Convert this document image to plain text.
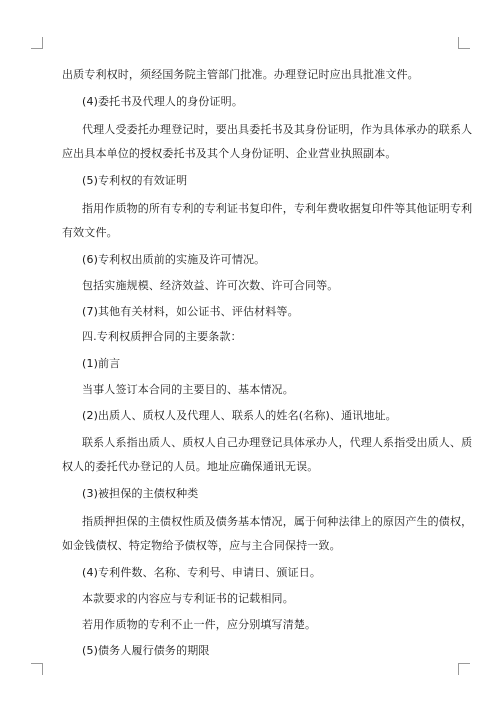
出质专利权时，须经国务院主管部门批准。办理登记时应出具批准文件。
(4)委托书及代理人的身份证明。
代理人受委托办理登记时，要出具委托书及其身份证明，作为具体承办的联系人
应出具本单位的授权委托书及其个人身份证明、企业营业执照副本。
(5)专利权的有效证明
指用作质物的所有专利的专利证书复印件，专利年费收据复印件等其他证明专利
有效文件。
(6)专利权出质前的实施及许可情况。
包括实施规模、经济效益、许可次数、许可合同等。
(7)其他有关材料，如公证书、评估材料等。
四.专利权质押合同的主要条款：
(1)前言
当事人签订本合同的主要目的、基本情况。
(2)出质人、质权人及代理人、联系人的姓名(名称)、通讯地址。
联系人系指出质人、质权人自己办理登记具体承办人，代理人系指受出质人、质
权人的委托代办登记的人员。地址应确保通讯无误。
(3)被担保的主债权种类
指质押担保的主债权性质及债务基本情况，属于何种法律上的原因产生的债权，
如金钱债权、特定物给予债权等，应与主合同保持一致。
(4)专利件数、名称、专利号、申请日、颁证日。
本款要求的内容应与专利证书的记载相同。
若用作质物的专利不止一件，应分别填写清楚。
(5)债务人履行债务的期限
